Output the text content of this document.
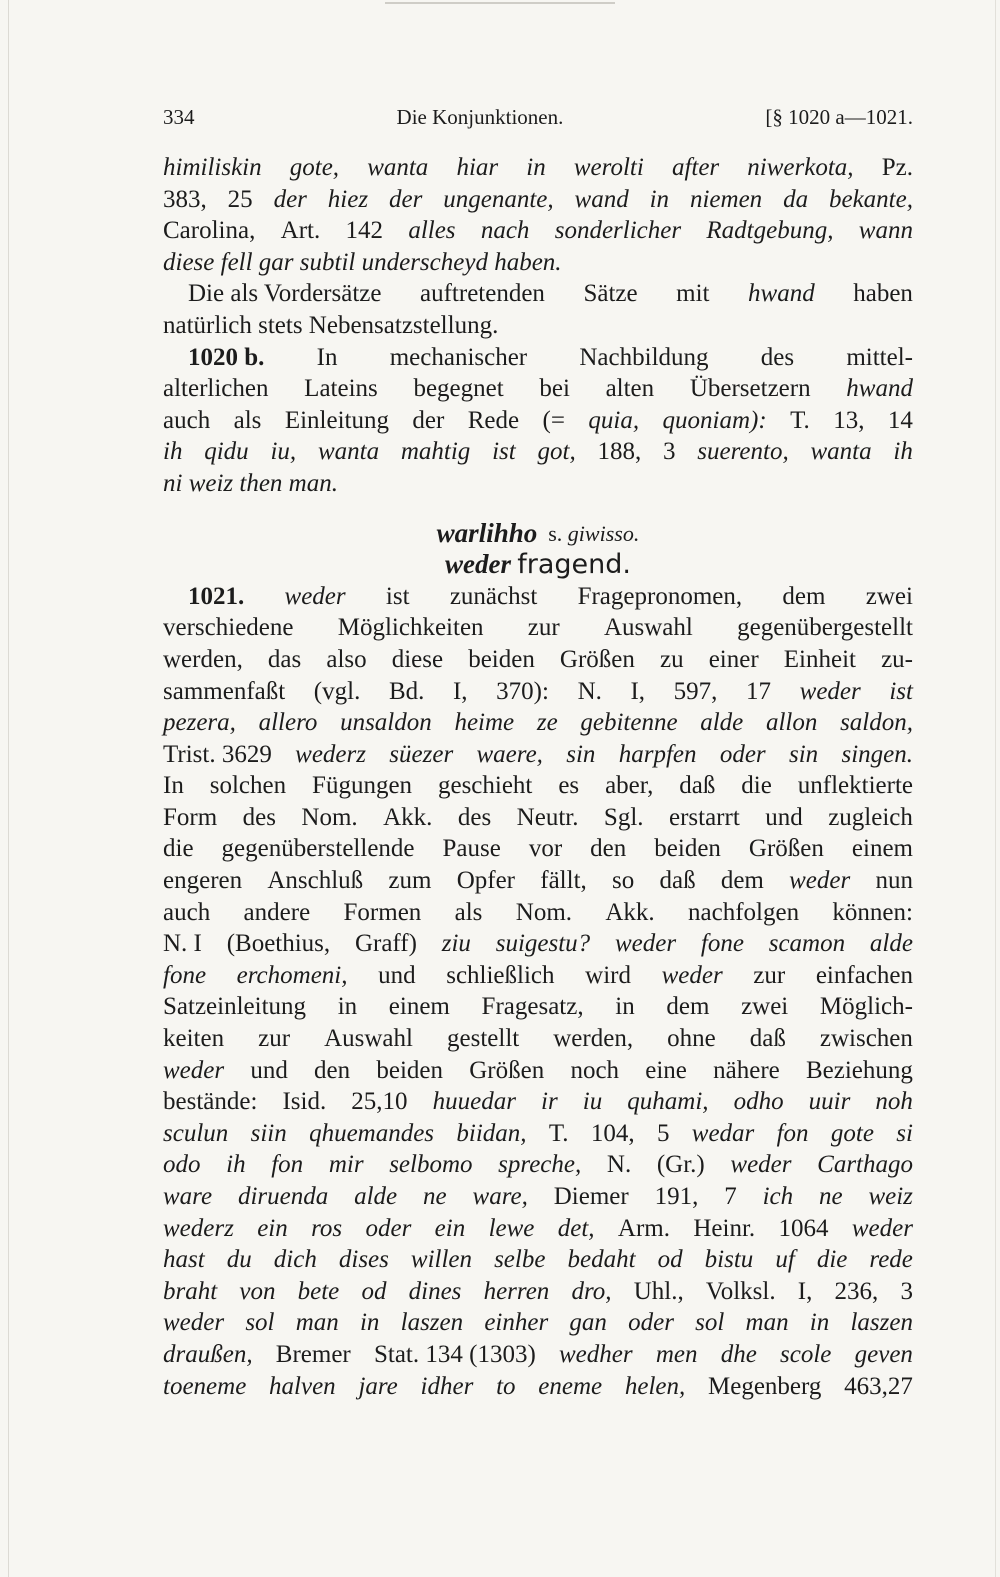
334	Die Konjunktionen.	[§ 1020 a—1021.
himiliskin gote, wanta hiar in werolti after niwerkota, Pz.
383, 25 der hiez der ungenante, wand in niemen da bekante,
Carolina, Art. 142 alles nach sonderlicher Radtgebung, wann
diese fell gar subtil underscheyd haben.
Die als Vordersätze auftretenden Sätze mit hwand haben
natürlich stets Nebensatzstellung.
1020 b. In mechanischer Nachbildung des mittel-
alterlichen Lateins begegnet bei alten Übersetzern hwand
auch als Einleitung der Rede (= quia, quoniam): T. 13, 14
ih qidu iu, wanta mahtig ist got, 188, 3 suerento, wanta ih
ni weiz then man.
warlihho
s.
giwisso.
weder
fragend.
1021. weder ist zunächst Fragepronomen, dem zwei
verschiedene Möglichkeiten zur Auswahl gegenübergestellt
werden, das also diese beiden Größen zu einer Einheit zu-
sammenfaßt (vgl. Bd. I, 370): N. I, 597, 17 weder ist
pezera, allero unsaldon heime ze gebitenne alde allon saldon,
Trist. 3629 wederz süezer waere, sin harpfen oder sin singen.
In solchen Fügungen geschieht es aber, daß die unflektierte
Form des Nom. Akk. des Neutr. Sgl. erstarrt und zugleich
die gegenüberstellende Pause vor den beiden Größen einem
engeren Anschluß zum Opfer fällt, so daß dem weder nun
auch andere Formen als Nom. Akk. nachfolgen können:
N. I (Boethius, Graff) ziu suigestu? weder fone scamon alde
fone erchomeni, und schließlich wird weder zur einfachen
Satzeinleitung in einem Fragesatz, in dem zwei Möglich-
keiten zur Auswahl gestellt werden, ohne daß zwischen
weder und den beiden Größen noch eine nähere Beziehung
bestände: Isid. 25,10 huuedar ir iu quhami, odho uuir noh
sculun siin qhuemandes biidan, T. 104, 5 wedar fon gote si
odo ih fon mir selbomo spreche, N. (Gr.) weder Carthago
ware diruenda alde ne ware, Diemer 191, 7 ich ne weiz
wederz ein ros oder ein lewe det, Arm. Heinr. 1064 weder
hast du dich dises willen selbe bedaht od bistu uf die rede
braht von bete od dines herren dro, Uhl., Volksl. I, 236, 3
weder sol man in laszen einher gan oder sol man in laszen
draußen, Bremer Stat. 134 (1303) wedher men dhe scole geven
toeneme halven jare idher to eneme helen, Megenberg 463,27
